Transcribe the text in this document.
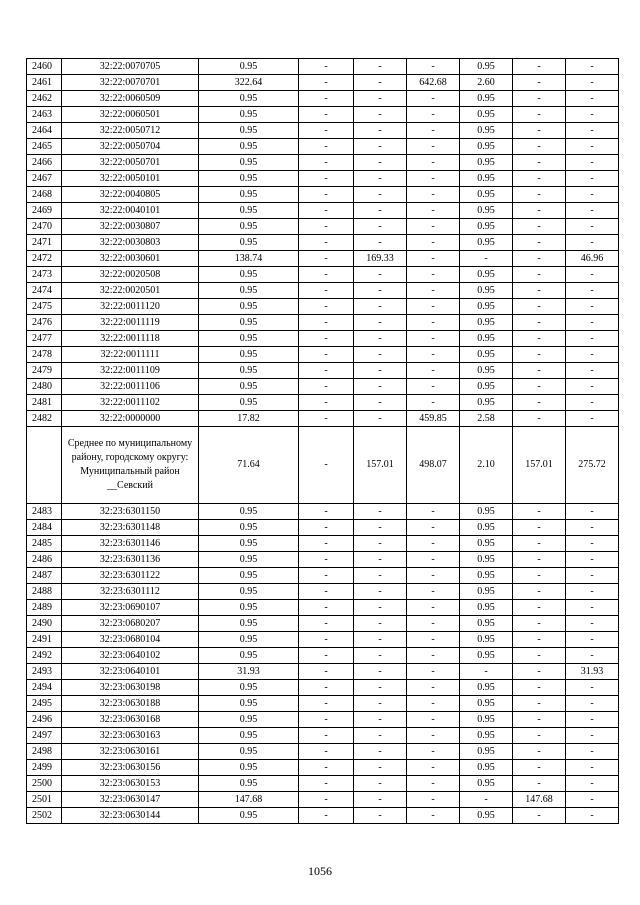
2460	32:22:0070705	0.95	-	-	-	0.95	-	-
2461	32:22:0070701	322.64	-	-	642.68	2.60	-	-
2462	32:22:0060509	0.95	-	-	-	0.95	-	-
2463	32:22:0060501	0.95	-	-	-	0.95	-	-
2464	32:22:0050712	0.95	-	-	-	0.95	-	-
2465	32:22:0050704	0.95	-	-	-	0.95	-	-
2466	32:22:0050701	0.95	-	-	-	0.95	-	-
2467	32:22:0050101	0.95	-	-	-	0.95	-	-
2468	32:22:0040805	0.95	-	-	-	0.95	-	-
2469	32:22:0040101	0.95	-	-	-	0.95	-	-
2470	32:22:0030807	0.95	-	-	-	0.95	-	-
2471	32:22:0030803	0.95	-	-	-	0.95	-	-
2472	32:22:0030601	138.74	-	169.33	-	-	-	46.96
2473	32:22:0020508	0.95	-	-	-	0.95	-	-
2474	32:22:0020501	0.95	-	-	-	0.95	-	-
2475	32:22:0011120	0.95	-	-	-	0.95	-	-
2476	32:22:0011119	0.95	-	-	-	0.95	-	-
2477	32:22:0011118	0.95	-	-	-	0.95	-	-
2478	32:22:0011111	0.95	-	-	-	0.95	-	-
2479	32:22:0011109	0.95	-	-	-	0.95	-	-
2480	32:22:0011106	0.95	-	-	-	0.95	-	-
2481	32:22:0011102	0.95	-	-	-	0.95	-	-
2482	32:22:0000000	17.82	-	-	459.85	2.58	-	-
	Среднее по муниципальному району, городскому округу: Муниципальный район __Севский	71.64	-	157.01	498.07	2.10	157.01	275.72
2483	32:23:6301150	0.95	-	-	-	0.95	-	-
2484	32:23:6301148	0.95	-	-	-	0.95	-	-
2485	32:23:6301146	0.95	-	-	-	0.95	-	-
2486	32:23:6301136	0.95	-	-	-	0.95	-	-
2487	32:23:6301122	0.95	-	-	-	0.95	-	-
2488	32:23:6301112	0.95	-	-	-	0.95	-	-
2489	32:23:0690107	0.95	-	-	-	0.95	-	-
2490	32:23:0680207	0.95	-	-	-	0.95	-	-
2491	32:23:0680104	0.95	-	-	-	0.95	-	-
2492	32:23:0640102	0.95	-	-	-	0.95	-	-
2493	32:23:0640101	31.93	-	-	-	-	-	31.93
2494	32:23:0630198	0.95	-	-	-	0.95	-	-
2495	32:23:0630188	0.95	-	-	-	0.95	-	-
2496	32:23:0630168	0.95	-	-	-	0.95	-	-
2497	32:23:0630163	0.95	-	-	-	0.95	-	-
2498	32:23:0630161	0.95	-	-	-	0.95	-	-
2499	32:23:0630156	0.95	-	-	-	0.95	-	-
2500	32:23:0630153	0.95	-	-	-	0.95	-	-
2501	32:23:0630147	147.68	-	-	-	-	147.68	-
2502	32:23:0630144	0.95	-	-	-	0.95	-	-
1056
